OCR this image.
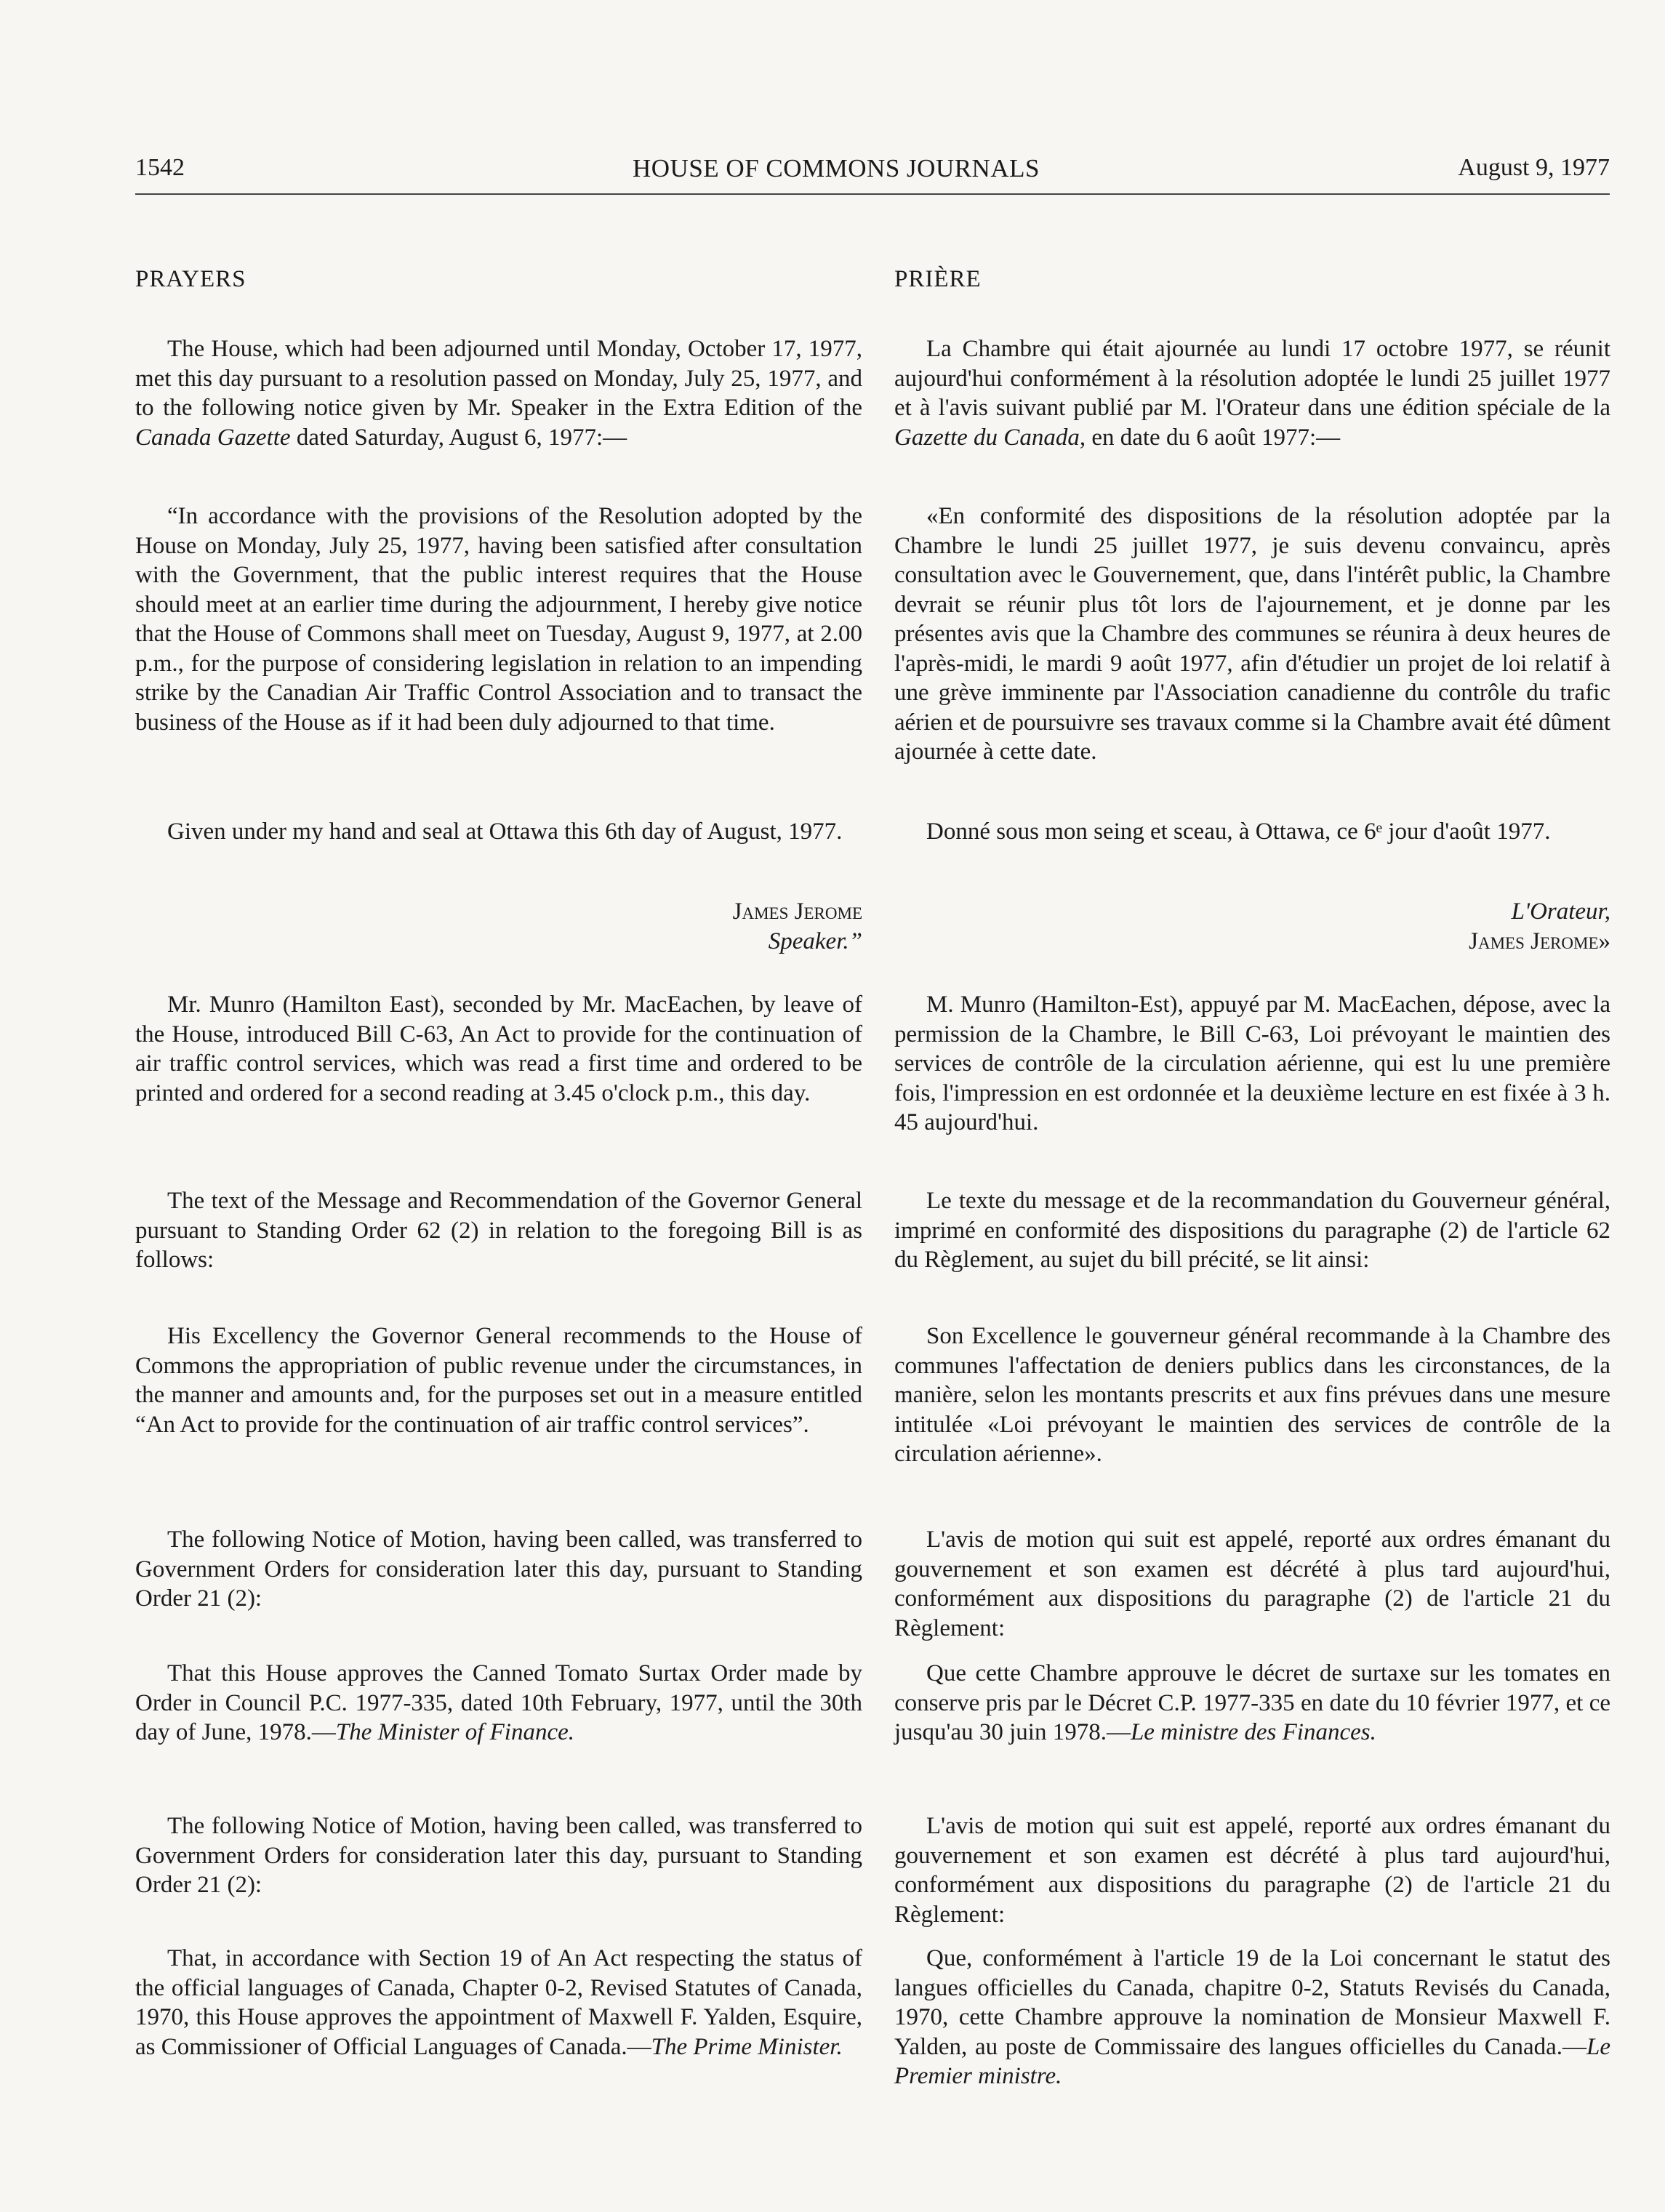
1542	HOUSE OF COMMONS JOURNALS	August 9, 1977

PRAYERS

The House, which had been adjourned until Monday, October 17, 1977, met this day pursuant to a resolution passed on Monday, July 25, 1977, and to the following notice given by Mr. Speaker in the Extra Edition of the Canada Gazette dated Saturday, August 6, 1977:—

“In accordance with the provisions of the Resolution adopted by the House on Monday, July 25, 1977, having been satisfied after consultation with the Government, that the public interest requires that the House should meet at an earlier time during the adjournment, I hereby give notice that the House of Commons shall meet on Tuesday, August 9, 1977, at 2.00 p.m., for the purpose of considering legislation in relation to an impending strike by the Canadian Air Traffic Control Association and to transact the business of the House as if it had been duly adjourned to that time.

Given under my hand and seal at Ottawa this 6th day of August, 1977.

James Jerome

Speaker.”

Mr. Munro (Hamilton East), seconded by Mr. MacEachen, by leave of the House, introduced Bill C-63, An Act to provide for the continuation of air traffic control services, which was read a first time and ordered to be printed and ordered for a second reading at 3.45 o'clock p.m., this day.

The text of the Message and Recommendation of the Governor General pursuant to Standing Order 62 (2) in relation to the foregoing Bill is as follows:

His Excellency the Governor General recommends to the House of Commons the appropriation of public revenue under the circumstances, in the manner and amounts and, for the purposes set out in a measure entitled “An Act to provide for the continuation of air traffic control services”.

The following Notice of Motion, having been called, was transferred to Government Orders for consideration later this day, pursuant to Standing Order 21 (2):

That this House approves the Canned Tomato Surtax Order made by Order in Council P.C. 1977-335, dated 10th February, 1977, until the 30th day of June, 1978.—The Minister of Finance.

The following Notice of Motion, having been called, was transferred to Government Orders for consideration later this day, pursuant to Standing Order 21 (2):

That, in accordance with Section 19 of An Act respecting the status of the official languages of Canada, Chapter 0-2, Revised Statutes of Canada, 1970, this House approves the appointment of Maxwell F. Yalden, Esquire, as Commissioner of Official Languages of Canada.—The Prime Minister.

PRIÈRE

La Chambre qui était ajournée au lundi 17 octobre 1977, se réunit aujourd'hui conformément à la résolution adoptée le lundi 25 juillet 1977 et à l'avis suivant publié par M. l'Orateur dans une édition spéciale de la Gazette du Canada, en date du 6 août 1977:—

«En conformité des dispositions de la résolution adoptée par la Chambre le lundi 25 juillet 1977, je suis devenu convaincu, après consultation avec le Gouvernement, que, dans l'intérêt public, la Chambre devrait se réunir plus tôt lors de l'ajournement, et je donne par les présentes avis que la Chambre des communes se réunira à deux heures de l'après-midi, le mardi 9 août 1977, afin d'étudier un projet de loi relatif à une grève imminente par l'Association canadienne du contrôle du trafic aérien et de poursuivre ses travaux comme si la Chambre avait été dûment ajournée à cette date.

Donné sous mon seing et sceau, à Ottawa, ce 6ᵉ jour d'août 1977.

L'Orateur,

James Jerome»

M. Munro (Hamilton-Est), appuyé par M. MacEachen, dépose, avec la permission de la Chambre, le Bill C-63, Loi prévoyant le maintien des services de contrôle de la circulation aérienne, qui est lu une première fois, l'impression en est ordonnée et la deuxième lecture en est fixée à 3 h. 45 aujourd'hui.

Le texte du message et de la recommandation du Gouverneur général, imprimé en conformité des dispositions du paragraphe (2) de l'article 62 du Règlement, au sujet du bill précité, se lit ainsi:

Son Excellence le gouverneur général recommande à la Chambre des communes l'affectation de deniers publics dans les circonstances, de la manière, selon les montants prescrits et aux fins prévues dans une mesure intitulée «Loi prévoyant le maintien des services de contrôle de la circulation aérienne».

L'avis de motion qui suit est appelé, reporté aux ordres émanant du gouvernement et son examen est décrété à plus tard aujourd'hui, conformément aux dispositions du paragraphe (2) de l'article 21 du Règlement:

Que cette Chambre approuve le décret de surtaxe sur les tomates en conserve pris par le Décret C.P. 1977-335 en date du 10 février 1977, et ce jusqu'au 30 juin 1978.—Le ministre des Finances.

L'avis de motion qui suit est appelé, reporté aux ordres émanant du gouvernement et son examen est décrété à plus tard aujourd'hui, conformément aux dispositions du paragraphe (2) de l'article 21 du Règlement:

Que, conformément à l'article 19 de la Loi concernant le statut des langues officielles du Canada, chapitre 0-2, Statuts Revisés du Canada, 1970, cette Chambre approuve la nomination de Monsieur Maxwell F. Yalden, au poste de Commissaire des langues officielles du Canada.—Le Premier ministre.
